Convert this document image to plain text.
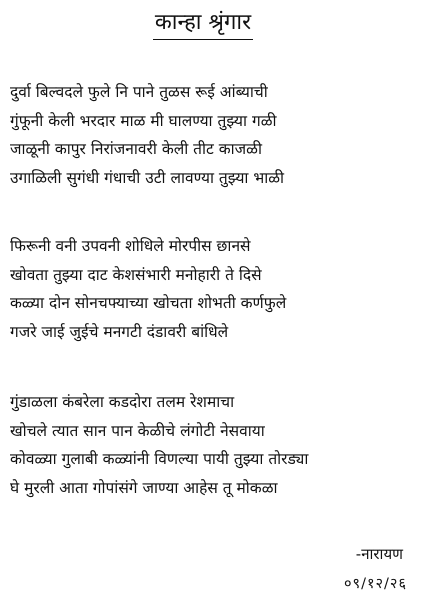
कान्हा श्रृंगार
दुर्वा बिल्वदले फुले नि पाने तुळस रूई आंब्याची
गुंफूनी केली भरदार माळ मी घालण्या तुझ्या गळी
जाळूनी कापुर निरांजनावरी केली तीट काजळी
उगाळिली सुगंधी गंधाची उटी लावण्या तुझ्या भाळी
फिरूनी वनी उपवनी शोधिले मोरपीस छानसे
खोवता तुझ्या दाट केशसंभारी मनोहारी ते दिसे
कळ्या दोन सोनचफ्याच्या खोचता शोभती कर्णफुले
गजरे जाई जुईचे मनगटी दंडावरी बांधिले
गुंडाळला कंबरेला कडदोरा तलम रेशमाचा
खोचले त्यात सान पान केळीचे लंगोटी नेसवाया
कोवळ्या गुलाबी कळ्यांनी विणल्या पायी तुझ्या तोरड्या
घे मुरली आता गोपांसंगे जाण्या आहेस तू मोकळा
-नारायण
०९/१२/२६
